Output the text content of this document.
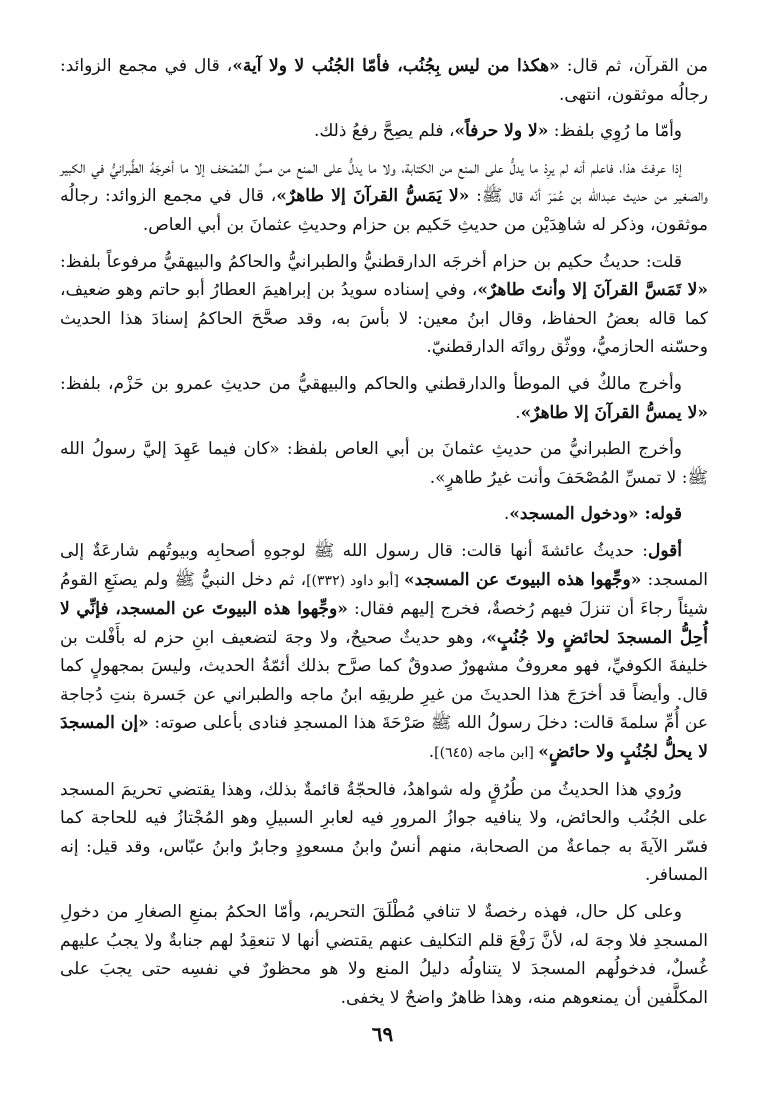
من القرآن، ثم قال: «هكذا من ليس بِجُنُب، فأمّا الجُنُب لا ولا آية»، قال في مجمع الزوائد: رجالُه موثقون، انتهى.

وأمّا ما رُوِي بلفظ: «لا ولا حرفاً»، فلم يصِحَّ رفعُ ذلك.

إذا عرفتَ هذا، فاعلم أنه لم يرِدْ ما يدلُّ على المنع من الكتابة، ولا ما يدلُّ على المنع من مسِّ المُصْحَف إلا ما أخرجَهُ الطَّبرانيُّ في الكبير والصغير من حديث عبدالله بن عُمَرَ أنّه قال ﷺ: «لا يَمَسُّ القرآنَ إلا طاهرٌ»، قال في مجمع الزوائد: رجالُه موثقون، وذكر له شاهِدَيْن من حديثِ حَكيم بن حزام وحديثِ عثمانَ بن أبي العاص.

قلت: حديثُ حكيم بن حزام أخرجَه الدارقطنيُّ والطبرانيُّ والحاكمُ والبيهقيُّ مرفوعاً بلفظ: «لا تَمَسَّ القرآنَ إلا وأنتَ طاهرٌ»، وفي إسناده سويدُ بن إبراهيمَ العطارُ أبو حاتم وهو ضعيف، كما قاله بعضُ الحفاظ، وقال ابنُ معين: لا بأسَ به، وقد صحَّحَ الحاكمُ إسنادَ هذا الحديث وحسّنه الحازميُّ، ووثّق رواتَه الدارقطنيّ.

وأخرج مالكٌ في الموطأ والدارقطني والحاكم والبيهقيُّ من حديثِ عمرو بن حَزْم، بلفظ: «لا يمسُّ القرآنَ إلا طاهرٌ».

وأخرج الطبرانيُّ من حديثِ عثمانَ بن أبي العاص بلفظ: «كان فيما عَهِدَ إليَّ رسولُ الله ﷺ: لا تمسِّ المُصْحَفَ وأنت غيرُ طاهرٍ».

قوله: «ودخول المسجد».

أقول: حديثُ عائشةَ أنها قالت: قال رسول الله ﷺ لوجوهِ أصحابِه وبيوتُهم شارعَةٌ إلى المسجد: «وجِّهوا هذه البيوتَ عن المسجد» [أبو داود (٣٣٢)]، ثم دخل النبيُّ ﷺ ولم يصنَعِ القومُ شيئاً رجاءَ أن تنزلَ فيهم رُخصةٌ، فخرج إليهم فقال: «وجِّهوا هذه البيوتَ عن المسجد، فإنِّي لا أُحِلُّ المسجدَ لحائضٍ ولا جُنُبٍ»، وهو حديثٌ صحيحٌ، ولا وجهَ لتضعيف ابنِ حزم له بأَفْلت بن خليفةَ الكوفيِّ، فهو معروفٌ مشهورٌ صدوقٌ كما صرَّح بذلك أئمّةُ الحديث، وليسَ بمجهولٍ كما قال. وأيضاً قد أخرَجَ هذا الحديثَ من غيرِ طريقِه ابنُ ماجه والطبراني عن جَسرة بنتِ دُجاجة عن أُمِّ سلمةَ قالت: دخلَ رسولُ الله ﷺ صَرْحَةَ هذا المسجدِ فنادى بأعلى صوته: «إن المسجدَ لا يحلُّ لجُنُبٍ ولا حائضٍ» [ابن ماجه (٦٤٥)].

ورُوي هذا الحديثُ من طُرُقٍ وله شواهدُ، فالحجّةُ قائمةٌ بذلك، وهذا يقتضي تحريمَ المسجد على الجُنُب والحائض، ولا ينافيه جوازُ المرورِ فيه لعابرِ السبيلِ وهو المُجْتازُ فيه للحاجة كما فسّر الآيةَ به جماعةٌ من الصحابة، منهم أنسٌ وابنُ مسعودٍ وجابرٌ وابنُ عبّاس، وقد قيل: إنه المسافر.

وعلى كل حال، فهذه رخصةٌ لا تنافي مُطْلَقَ التحريم، وأمّا الحكمُ بمنعِ الصغارِ من دخولِ المسجدِ فلا وجهَ له، لأنَّ رَفْعَ قلم التكليف عنهم يقتضي أنها لا تنعقِدُ لهم جنابةٌ ولا يجبُ عليهم غُسلٌ، فدخولُهم المسجدَ لا يتناولُه دليلُ المنع ولا هو محظورٌ في نفسِه حتى يجبَ على المكلَّفين أن يمنعوهم منه، وهذا ظاهرٌ واضحٌ لا يخفى.

٦٩
